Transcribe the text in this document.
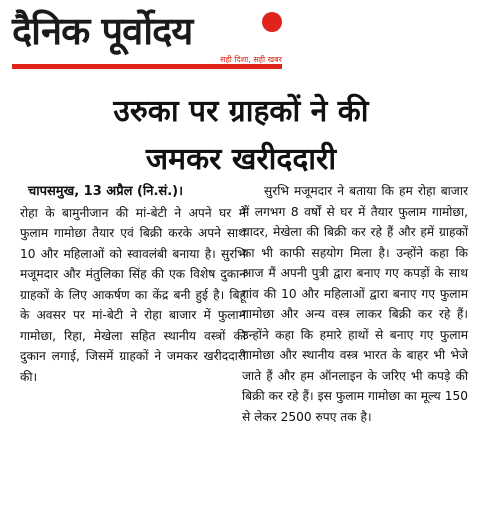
दैनिक पूर्वोदय
सही दिशा, सही खबर
उरुका पर ग्राहकों ने की
जमकर खरीददारी

चापसमुख, 13 अप्रैल (नि.सं.)।

रोहा के बामुनीजान की मां-बेटी ने अपने घर में फुलाम गामोछा तैयार एवं बिक्री करके अपने साथ 10 और महिलाओं को स्वावलंबी बनाया है। सुरभि मजूमदार और मंतुलिका सिंह की एक विशेष दुकान ग्राहकों के लिए आकर्षण का केंद्र बनी हुई है। बिहू के अवसर पर मां-बेटी ने रोहा बाजार में फुलाम गामोछा, रिहा, मेखेला सहित स्थानीय वस्त्रों की दुकान लगाई, जिसमें ग्राहकों ने जमकर खरीददारी की।

सुरभि मजूमदार ने बताया कि हम रोहा बाजार में लगभग 8 वर्षों से घर में तैयार फुलाम गामोछा, चादर, मेखेला की बिक्री कर रहे हैं और हमें ग्राहकों का भी काफी सहयोग मिला है। उन्होंने कहा कि आज मैं अपनी पुत्री द्वारा बनाए गए कपड़ों के साथ गांव की 10 और महिलाओं द्वारा बनाए गए फुलाम गामोछा और अन्य वस्त्र लाकर बिक्री कर रहे हैं। उन्होंने कहा कि हमारे हाथों से बनाए गए फुलाम गामोछा और स्थानीय वस्त्र भारत के बाहर भी भेजे जाते हैं और हम ऑनलाइन के जरिए भी कपड़े की बिक्री कर रहे हैं। इस फुलाम गामोछा का मूल्य 150 से लेकर 2500 रुपए तक है।
